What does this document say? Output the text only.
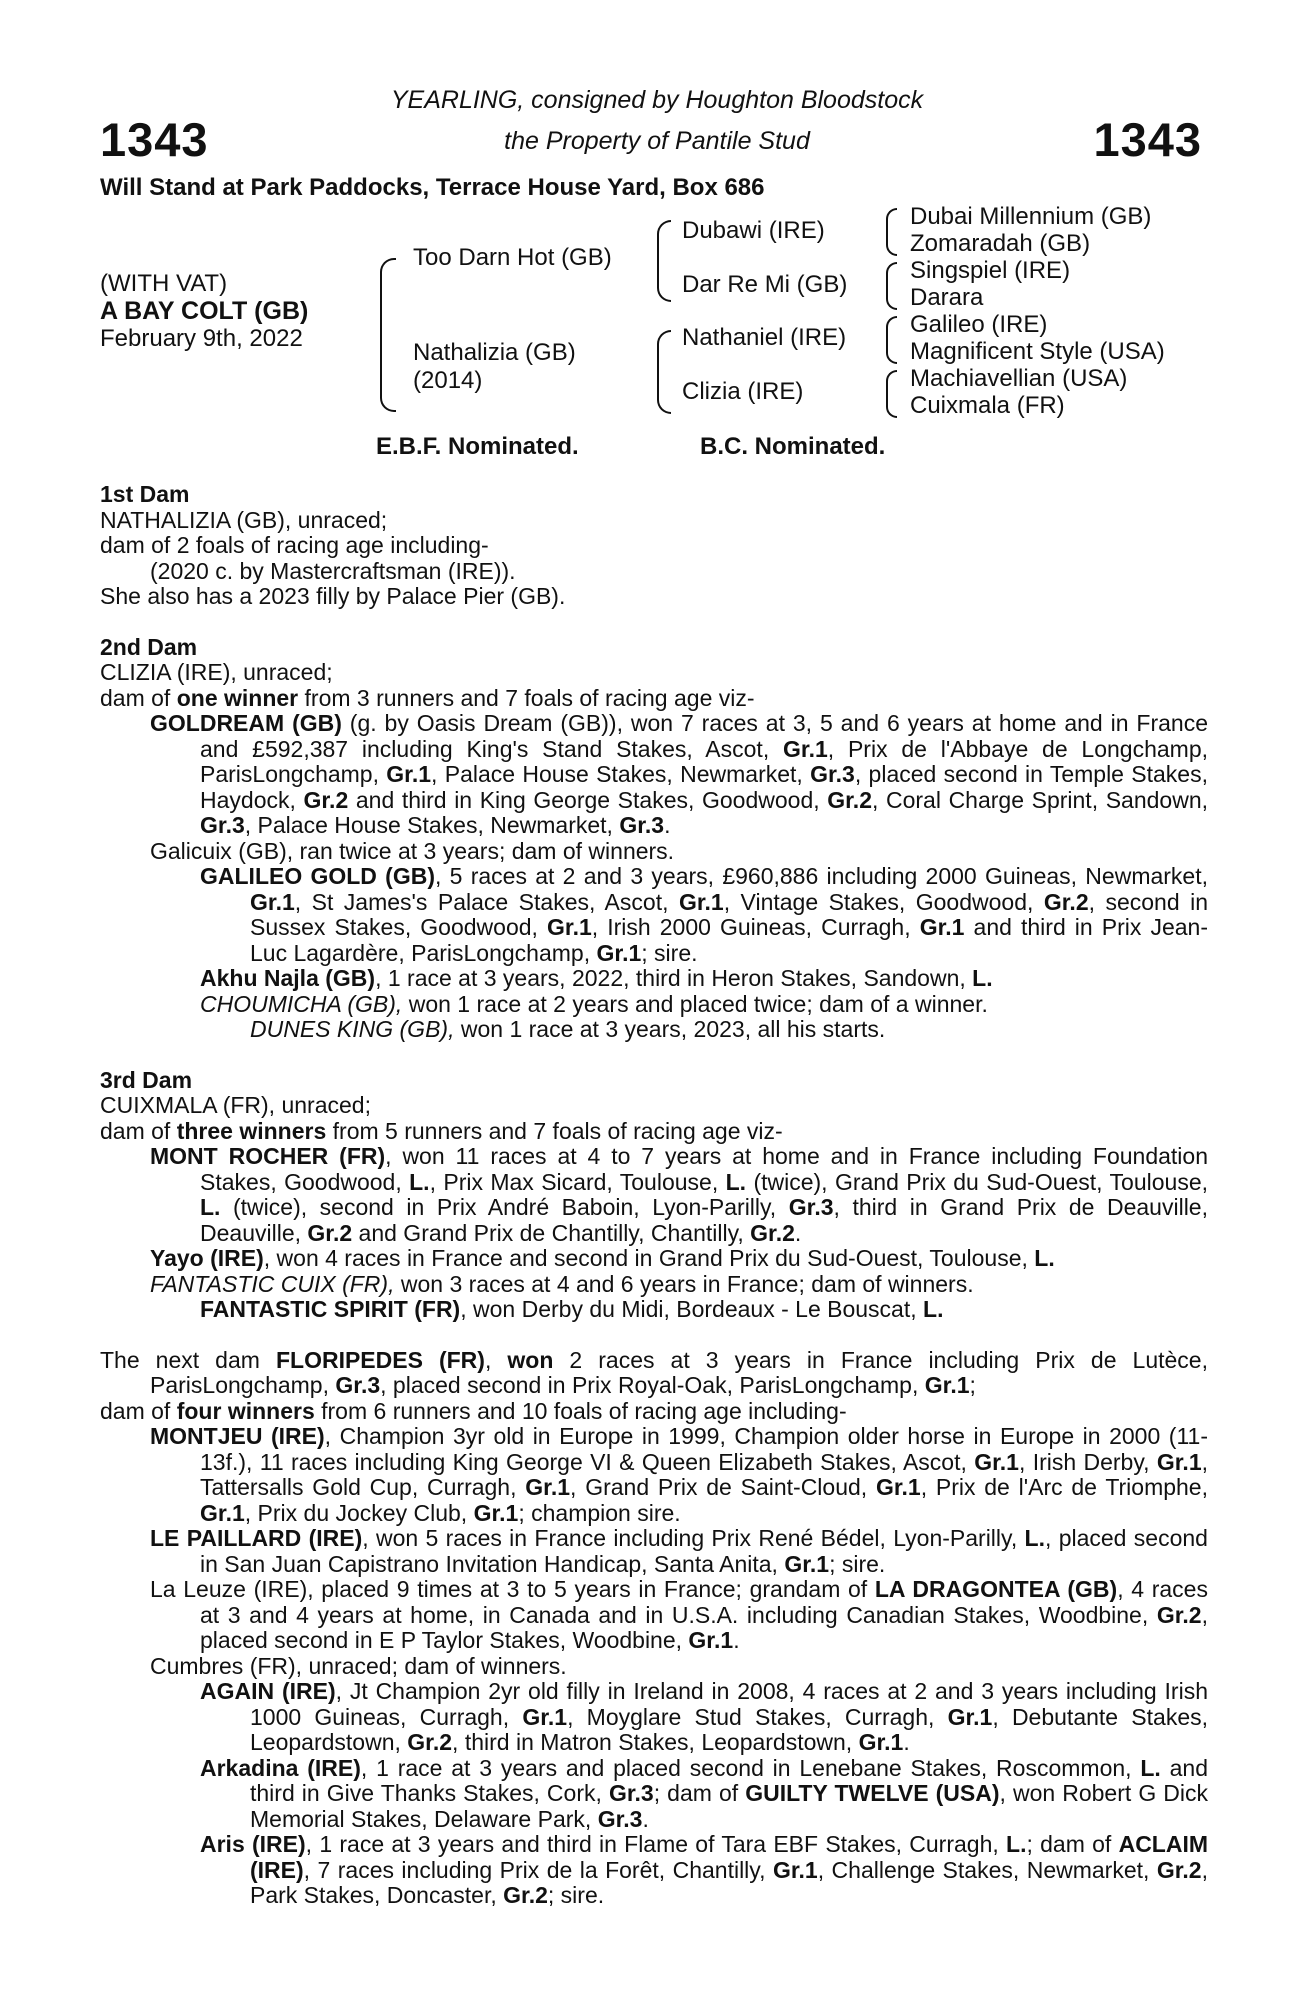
1343	1343
YEARLING, consigned by Houghton Bloodstock
the Property of Pantile Stud
Will Stand at Park Paddocks, Terrace House Yard, Box 686
(WITH VAT)
A BAY COLT (GB)
February 9th, 2022
Too Darn Hot (GB)
Nathalizia (GB)
(2014)
Dubawi (IRE)
Dar Re Mi (GB)
Nathaniel (IRE)
Clizia (IRE)
Dubai Millennium (GB)
Zomaradah (GB)
Singspiel (IRE)
Darara
Galileo (IRE)
Magnificent Style (USA)
Machiavellian (USA)
Cuixmala (FR)
E.B.F. Nominated.	B.C. Nominated.

1st Dam

NATHALIZIA (GB), unraced;

dam of 2 foals of racing age including-

(2020 c. by Mastercraftsman (IRE)).

She also has a 2023 filly by Palace Pier (GB).

2nd Dam

CLIZIA (IRE), unraced;

dam of one winner from 3 runners and 7 foals of racing age viz-

GOLDREAM (GB) (g. by Oasis Dream (GB)), won 7 races at 3, 5 and 6 years at home and in France and £592,387 including King's Stand Stakes, Ascot, Gr.1, Prix de l'Abbaye de Longchamp, ParisLongchamp, Gr.1, Palace House Stakes, Newmarket, Gr.3, placed second in Temple Stakes, Haydock, Gr.2 and third in King George Stakes, Goodwood, Gr.2, Coral Charge Sprint, Sandown, Gr.3, Palace House Stakes, Newmarket, Gr.3.

Galicuix (GB), ran twice at 3 years; dam of winners.

GALILEO GOLD (GB), 5 races at 2 and 3 years, £960,886 including 2000 Guineas, Newmarket, Gr.1, St James's Palace Stakes, Ascot, Gr.1, Vintage Stakes, Goodwood, Gr.2, second in Sussex Stakes, Goodwood, Gr.1, Irish 2000 Guineas, Curragh, Gr.1 and third in Prix Jean-Luc Lagardère, ParisLongchamp, Gr.1; sire.

Akhu Najla (GB), 1 race at 3 years, 2022, third in Heron Stakes, Sandown, L.

CHOUMICHA (GB), won 1 race at 2 years and placed twice; dam of a winner.

DUNES KING (GB), won 1 race at 3 years, 2023, all his starts.

3rd Dam

CUIXMALA (FR), unraced;

dam of three winners from 5 runners and 7 foals of racing age viz-

MONT ROCHER (FR), won 11 races at 4 to 7 years at home and in France including Foundation Stakes, Goodwood, L., Prix Max Sicard, Toulouse, L. (twice), Grand Prix du Sud-Ouest, Toulouse, L. (twice), second in Prix André Baboin, Lyon-Parilly, Gr.3, third in Grand Prix de Deauville, Deauville, Gr.2 and Grand Prix de Chantilly, Chantilly, Gr.2.

Yayo (IRE), won 4 races in France and second in Grand Prix du Sud-Ouest, Toulouse, L.

FANTASTIC CUIX (FR), won 3 races at 4 and 6 years in France; dam of winners.

FANTASTIC SPIRIT (FR), won Derby du Midi, Bordeaux - Le Bouscat, L.

The next dam FLORIPEDES (FR), won 2 races at 3 years in France including Prix de Lutèce, ParisLongchamp, Gr.3, placed second in Prix Royal-Oak, ParisLongchamp, Gr.1;

dam of four winners from 6 runners and 10 foals of racing age including-

MONTJEU (IRE), Champion 3yr old in Europe in 1999, Champion older horse in Europe in 2000 (11-13f.), 11 races including King George VI & Queen Elizabeth Stakes, Ascot, Gr.1, Irish Derby, Gr.1, Tattersalls Gold Cup, Curragh, Gr.1, Grand Prix de Saint-Cloud, Gr.1, Prix de l'Arc de Triomphe, Gr.1, Prix du Jockey Club, Gr.1; champion sire.

LE PAILLARD (IRE), won 5 races in France including Prix René Bédel, Lyon-Parilly, L., placed second in San Juan Capistrano Invitation Handicap, Santa Anita, Gr.1; sire.

La Leuze (IRE), placed 9 times at 3 to 5 years in France; grandam of LA DRAGONTEA (GB), 4 races at 3 and 4 years at home, in Canada and in U.S.A. including Canadian Stakes, Woodbine, Gr.2, placed second in E P Taylor Stakes, Woodbine, Gr.1.

Cumbres (FR), unraced; dam of winners.

AGAIN (IRE), Jt Champion 2yr old filly in Ireland in 2008, 4 races at 2 and 3 years including Irish 1000 Guineas, Curragh, Gr.1, Moyglare Stud Stakes, Curragh, Gr.1, Debutante Stakes, Leopardstown, Gr.2, third in Matron Stakes, Leopardstown, Gr.1.

Arkadina (IRE), 1 race at 3 years and placed second in Lenebane Stakes, Roscommon, L. and third in Give Thanks Stakes, Cork, Gr.3; dam of GUILTY TWELVE (USA), won Robert G Dick Memorial Stakes, Delaware Park, Gr.3.

Aris (IRE), 1 race at 3 years and third in Flame of Tara EBF Stakes, Curragh, L.; dam of ACLAIM (IRE), 7 races including Prix de la Forêt, Chantilly, Gr.1, Challenge Stakes, Newmarket, Gr.2, Park Stakes, Doncaster, Gr.2; sire.
